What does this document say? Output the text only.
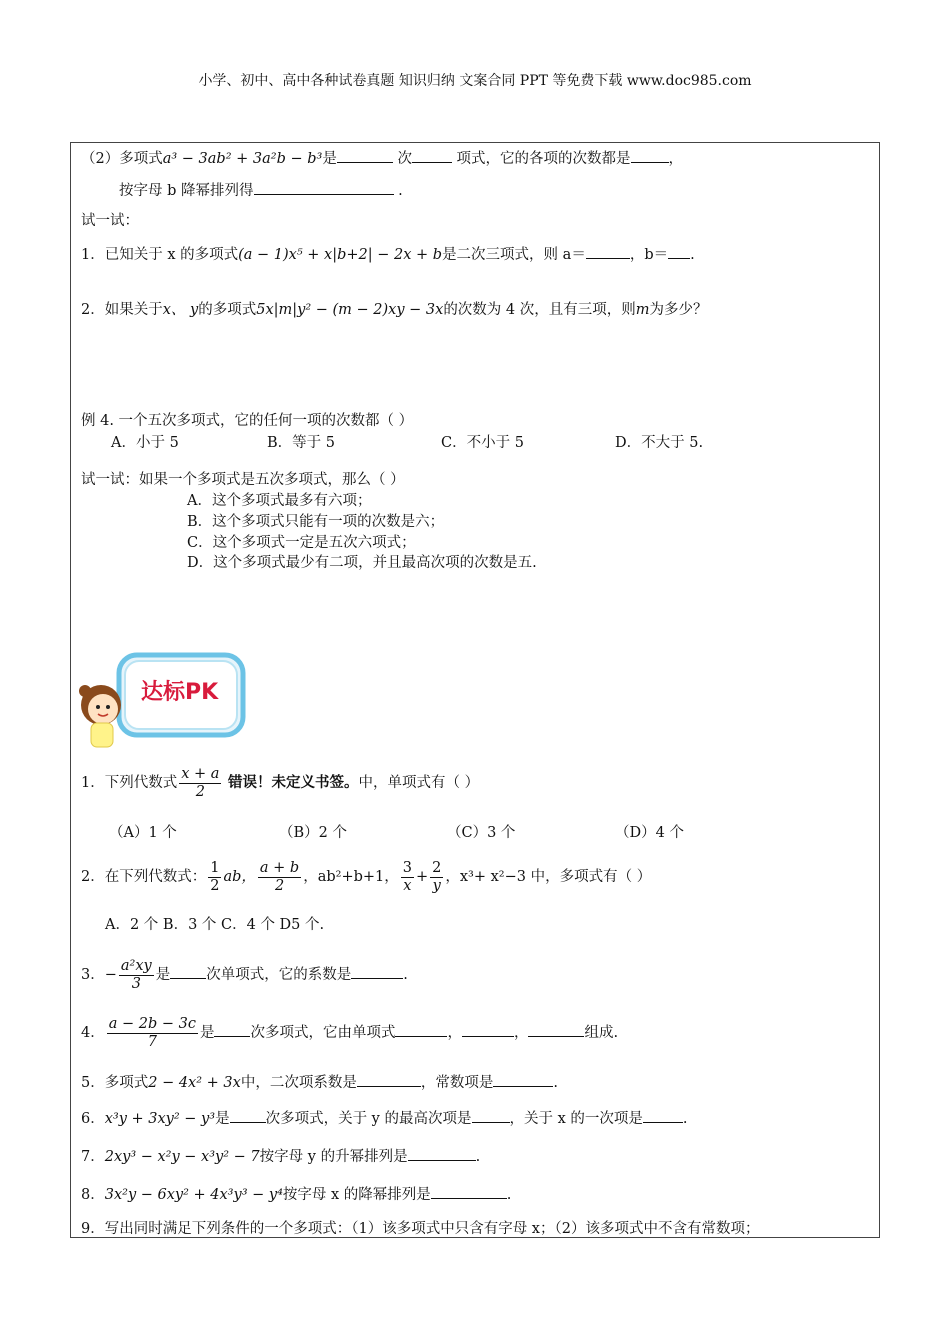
小学、初中、高中各种试卷真题 知识归纳 文案合同 PPT 等免费下载 www.doc985.com
（2）多项式a³ − 3ab² + 3a²b − b³是	次	项式，它的各项的次数都是	，
按字母 b 降幂排列得	.
试一试：
1．已知关于 x 的多项式(a − 1)x⁵ + x|b+2| − 2x + b是二次三项式，则 a＝	，b＝ .
2．如果关于x、 y的多项式5x|m|y² − (m − 2)xy − 3x的次数为 4 次，且有三项，则m为多少？
例 4. 一个五次多项式，它的任何一项的次数都（ ）
A．小于 5	B．等于 5	C．不小于 5	D．不大于 5.
试一试：如果一个多项式是五次多项式，那么（ ）
A．这个多项式最多有六项；
B．这个多项式只能有一项的次数是六；
C．这个多项式一定是五次六项式；
D．这个多项式最少有二项，并且最高次项的次数是五.
达标PK
1．下列代数式 $\frac{x + a}{2}$ 错误！未定义书签。中，单项式有（ ）
（A）1 个	（B）2 个	（C）3 个	（D）4 个
2．在下列代数式： $\frac{1}{2}$ ab， $\frac{a + b}{2}$ ，ab²+b+1， $\frac{3}{x} + \frac{2}{y}$ ，x³+ x²−3 中，多项式有（ ）
A．2 个 B．3 个 C．4 个 D5 个.
3．− $\frac{\text{a²xy}}{3}$ 是 次单项式，它的系数是	.
4． $\frac{a - 2b - 3c}{7}$ 是 次多项式，它由单项式	，	，	组成.
5．多项式2 − 4x² + 3x中，二次项系数是	，常数项是	.
6．x³y + 3xy² − y³是 次多项式，关于 y 的最高次项是	，关于 x 的一次项是	.
7．2xy³ − x²y − x³y² − 7按字母 y 的升幂排列是	.
8．3x²y − 6xy² + 4x³y³ − y⁴按字母 x 的降幂排列是	.
9．写出同时满足下列条件的一个多项式：（1）该多项式中只含有字母 x；（2）该多项式中不含有常数项；
